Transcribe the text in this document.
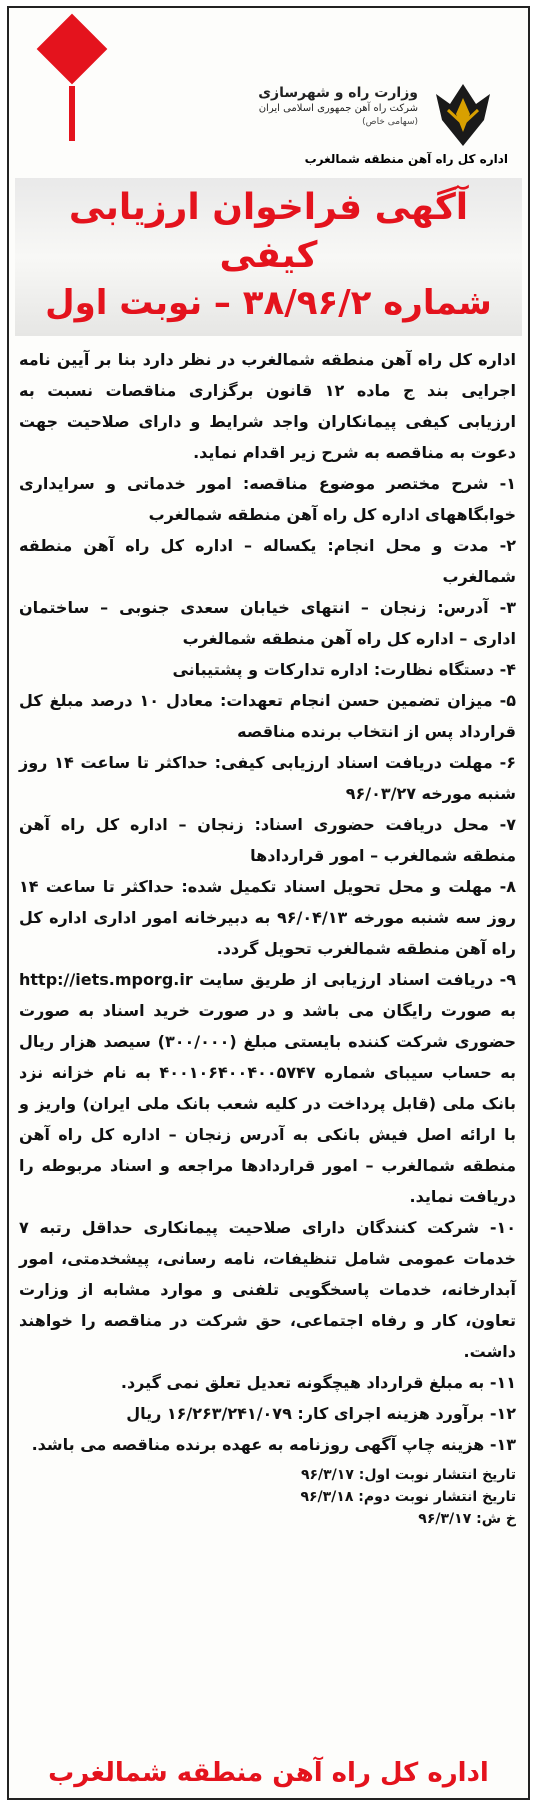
وزارت راه و شهرسازی
شرکت راه آهن جمهوری اسلامی ایران
(سهامی خاص)
اداره کل راه آهن منطقه شمالغرب
آگهی فراخوان ارزیابی کیفی
شماره ۳۸/۹۶/۲ – نوبت اول

اداره کل راه آهن منطقه شمالغرب در نظر دارد بنا بر آیین نامه اجرایی بند ج ماده ۱۲ قانون برگزاری مناقصات نسبت به ارزیابی کیفی پیمانکاران واجد شرایط و دارای صلاحیت جهت دعوت به مناقصه به شرح زیر اقدام نماید.

۱- شرح مختصر موضوع مناقصه: امور خدماتی و سرایداری خوابگاههای اداره کل راه آهن منطقه شمالغرب

۲- مدت و محل انجام: یکساله – اداره کل راه آهن منطقه شمالغرب

۳- آدرس: زنجان – انتهای خیابان سعدی جنوبی – ساختمان اداری – اداره کل راه آهن منطقه شمالغرب

۴- دستگاه نظارت: اداره تدارکات و پشتیبانی

۵- میزان تضمین حسن انجام تعهدات: معادل ۱۰ درصد مبلغ کل قرارداد پس از انتخاب برنده مناقصه

۶- مهلت دریافت اسناد ارزیابی کیفی: حداکثر تا ساعت ۱۴ روز شنبه مورخه ۹۶/۰۳/۲۷

۷- محل دریافت حضوری اسناد: زنجان – اداره کل راه آهن منطقه شمالغرب – امور قراردادها

۸- مهلت و محل تحویل اسناد تکمیل شده: حداکثر تا ساعت ۱۴ روز سه شنبه مورخه ۹۶/۰۴/۱۳ به دبیرخانه امور اداری اداره کل راه آهن منطقه شمالغرب تحویل گردد.

۹- دریافت اسناد ارزیابی از طریق سایت http://iets.mporg.ir به صورت رایگان می باشد و در صورت خرید اسناد به صورت حضوری شرکت کننده بایستی مبلغ (۳۰۰/۰۰۰) سیصد هزار ریال به حساب سیبای شماره ۴۰۰۱۰۶۴۰۰۴۰۰۵۷۴۷ به نام خزانه نزد بانک ملی (قابل پرداخت در کلیه شعب بانک ملی ایران) واریز و با ارائه اصل فیش بانکی به آدرس زنجان – اداره کل راه آهن منطقه شمالغرب – امور قراردادها مراجعه و اسناد مربوطه را دریافت نماید.

۱۰- شرکت کنندگان دارای صلاحیت پیمانکاری حداقل رتبه ۷ خدمات عمومی شامل تنظیفات، نامه رسانی، پیشخدمتی، امور آبدارخانه، خدمات پاسخگویی تلفنی و موارد مشابه از وزارت تعاون، کار و رفاه اجتماعی، حق شرکت در مناقصه را خواهند داشت.

۱۱- به مبلغ قرارداد هیچگونه تعدیل تعلق نمی گیرد.

۱۲- برآورد هزینه اجرای کار: ۱۶/۲۶۳/۲۴۱/۰۷۹ ریال

۱۳- هزینه چاپ آگهی روزنامه به عهده برنده مناقصه می باشد.

تاریخ انتشار نوبت اول: ۹۶/۳/۱۷
تاریخ انتشار نوبت دوم: ۹۶/۳/۱۸
خ ش: ۹۶/۳/۱۷
اداره کل راه آهن منطقه شمالغرب
